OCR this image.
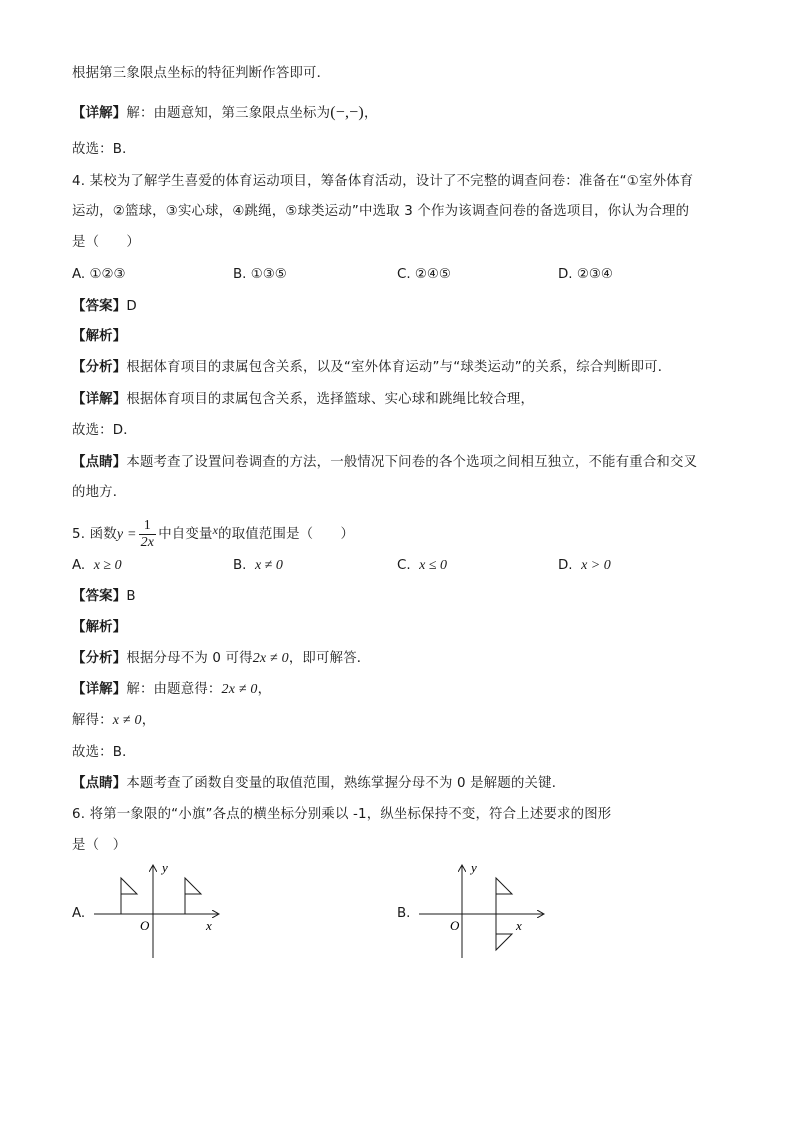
根据第三象限点坐标的特征判断作答即可．
【详解】解：由题意知，第三象限点坐标为(−,−)，
故选：B．
4. 某校为了解学生喜爱的体育运动项目，筹备体育活动，设计了不完整的调查问卷：准备在“①室外体育
运动，②篮球，③实心球，④跳绳，⑤球类运动”中选取 3 个作为该调查问卷的备选项目，你认为合理的
是（　　）
A. ①②③	B. ①③⑤	C. ②④⑤	D. ②③④
【答案】D
【解析】
【分析】根据体育项目的隶属包含关系，以及“室外体育运动”与“球类运动”的关系，综合判断即可．
【详解】根据体育项目的隶属包含关系，选择篮球、实心球和跳绳比较合理，
故选：D．
【点睛】本题考查了设置问卷调查的方法，一般情况下问卷的各个选项之间相互独立，不能有重合和交叉
的地方．
5. 函数$y = \frac{1}{2x}$ 中自变量x的取值范围是（　　）
A. x ≥ 0	B. x ≠ 0	C. x ≤ 0	D. x > 0
【答案】B
【解析】
【分析】根据分母不为 0 可得2x ≠ 0，即可解答．
【详解】解：由题意得：2x ≠ 0，
解得：x ≠ 0，
故选：B．
【点睛】本题考查了函数自变量的取值范围，熟练掌握分母不为 0 是解题的关键．
6. 将第一象限的“小旗”各点的横坐标分别乘以 -1，纵坐标保持不变，符合上述要求的图形
是（　）
A.	B.
y
x
O
y
x
O
